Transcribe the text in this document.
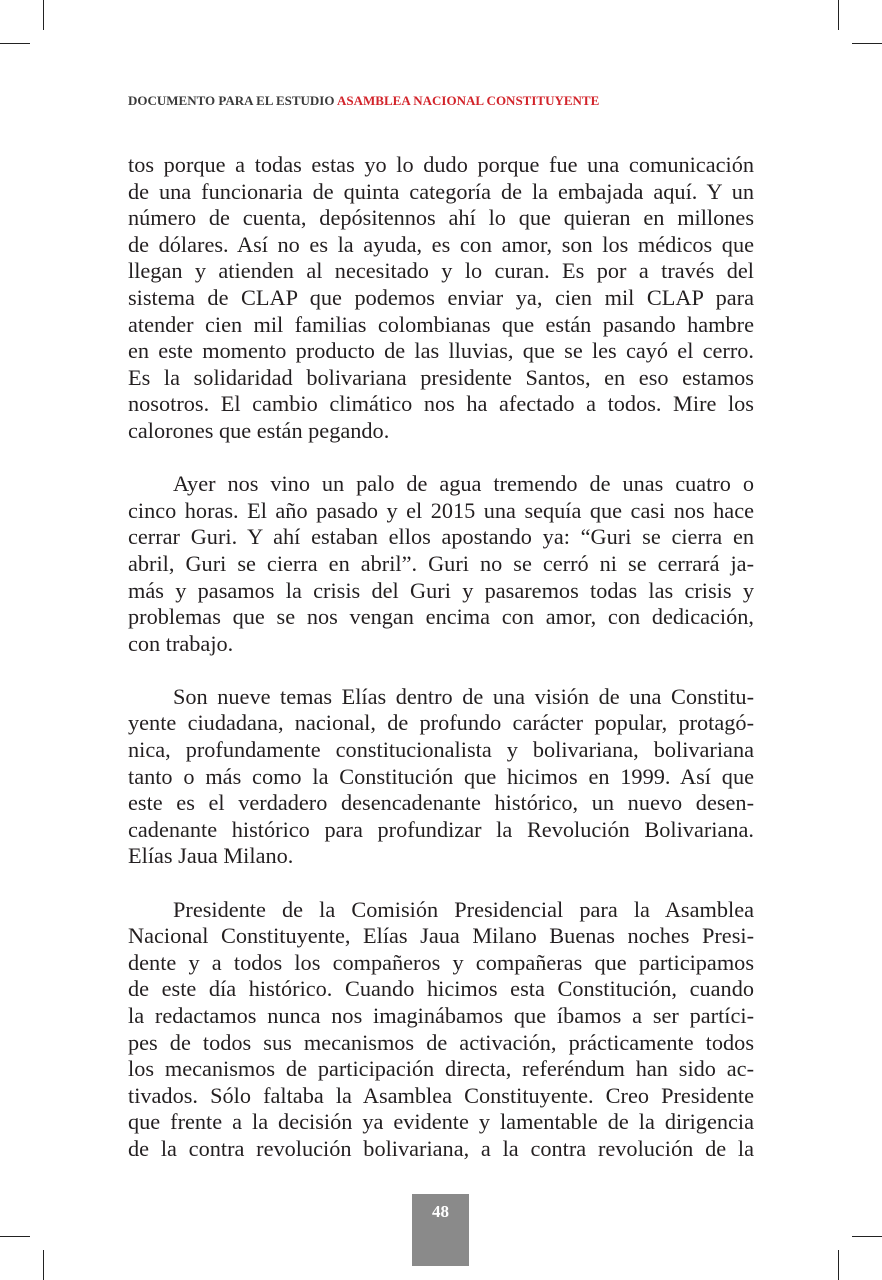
DOCUMENTO PARA EL ESTUDIO ASAMBLEA NACIONAL CONSTITUYENTE
tos porque a todas estas yo lo dudo porque fue una comunicación
de una funcionaria de quinta categoría de la embajada aquí. Y un
número de cuenta, depósitennos ahí lo que quieran en millones
de dólares. Así no es la ayuda, es con amor, son los médicos que
llegan y atienden al necesitado y lo curan. Es por a través del
sistema de CLAP que podemos enviar ya, cien mil CLAP para
atender cien mil familias colombianas que están pasando hambre
en este momento producto de las lluvias, que se les cayó el cerro.
Es la solidaridad bolivariana presidente Santos, en eso estamos
nosotros. El cambio climático nos ha afectado a todos. Mire los
calorones que están pegando.
Ayer nos vino un palo de agua tremendo de unas cuatro o
cinco horas. El año pasado y el 2015 una sequía que casi nos hace
cerrar Guri. Y ahí estaban ellos apostando ya: “Guri se cierra en
abril, Guri se cierra en abril”. Guri no se cerró ni se cerrará ja-
más y pasamos la crisis del Guri y pasaremos todas las crisis y
problemas que se nos vengan encima con amor, con dedicación,
con trabajo.
Son nueve temas Elías dentro de una visión de una Constitu-
yente ciudadana, nacional, de profundo carácter popular, protagó-
nica, profundamente constitucionalista y bolivariana, bolivariana
tanto o más como la Constitución que hicimos en 1999. Así que
este es el verdadero desencadenante histórico, un nuevo desen-
cadenante histórico para profundizar la Revolución Bolivariana.
Elías Jaua Milano.
Presidente de la Comisión Presidencial para la Asamblea
Nacional Constituyente, Elías Jaua Milano Buenas noches Presi-
dente y a todos los compañeros y compañeras que participamos
de este día histórico. Cuando hicimos esta Constitución, cuando
la redactamos nunca nos imaginábamos que íbamos a ser partíci-
pes de todos sus mecanismos de activación, prácticamente todos
los mecanismos de participación directa, referéndum han sido ac-
tivados. Sólo faltaba la Asamblea Constituyente. Creo Presidente
que frente a la decisión ya evidente y lamentable de la dirigencia
de la contra revolución bolivariana, a la contra revolución de la
48
